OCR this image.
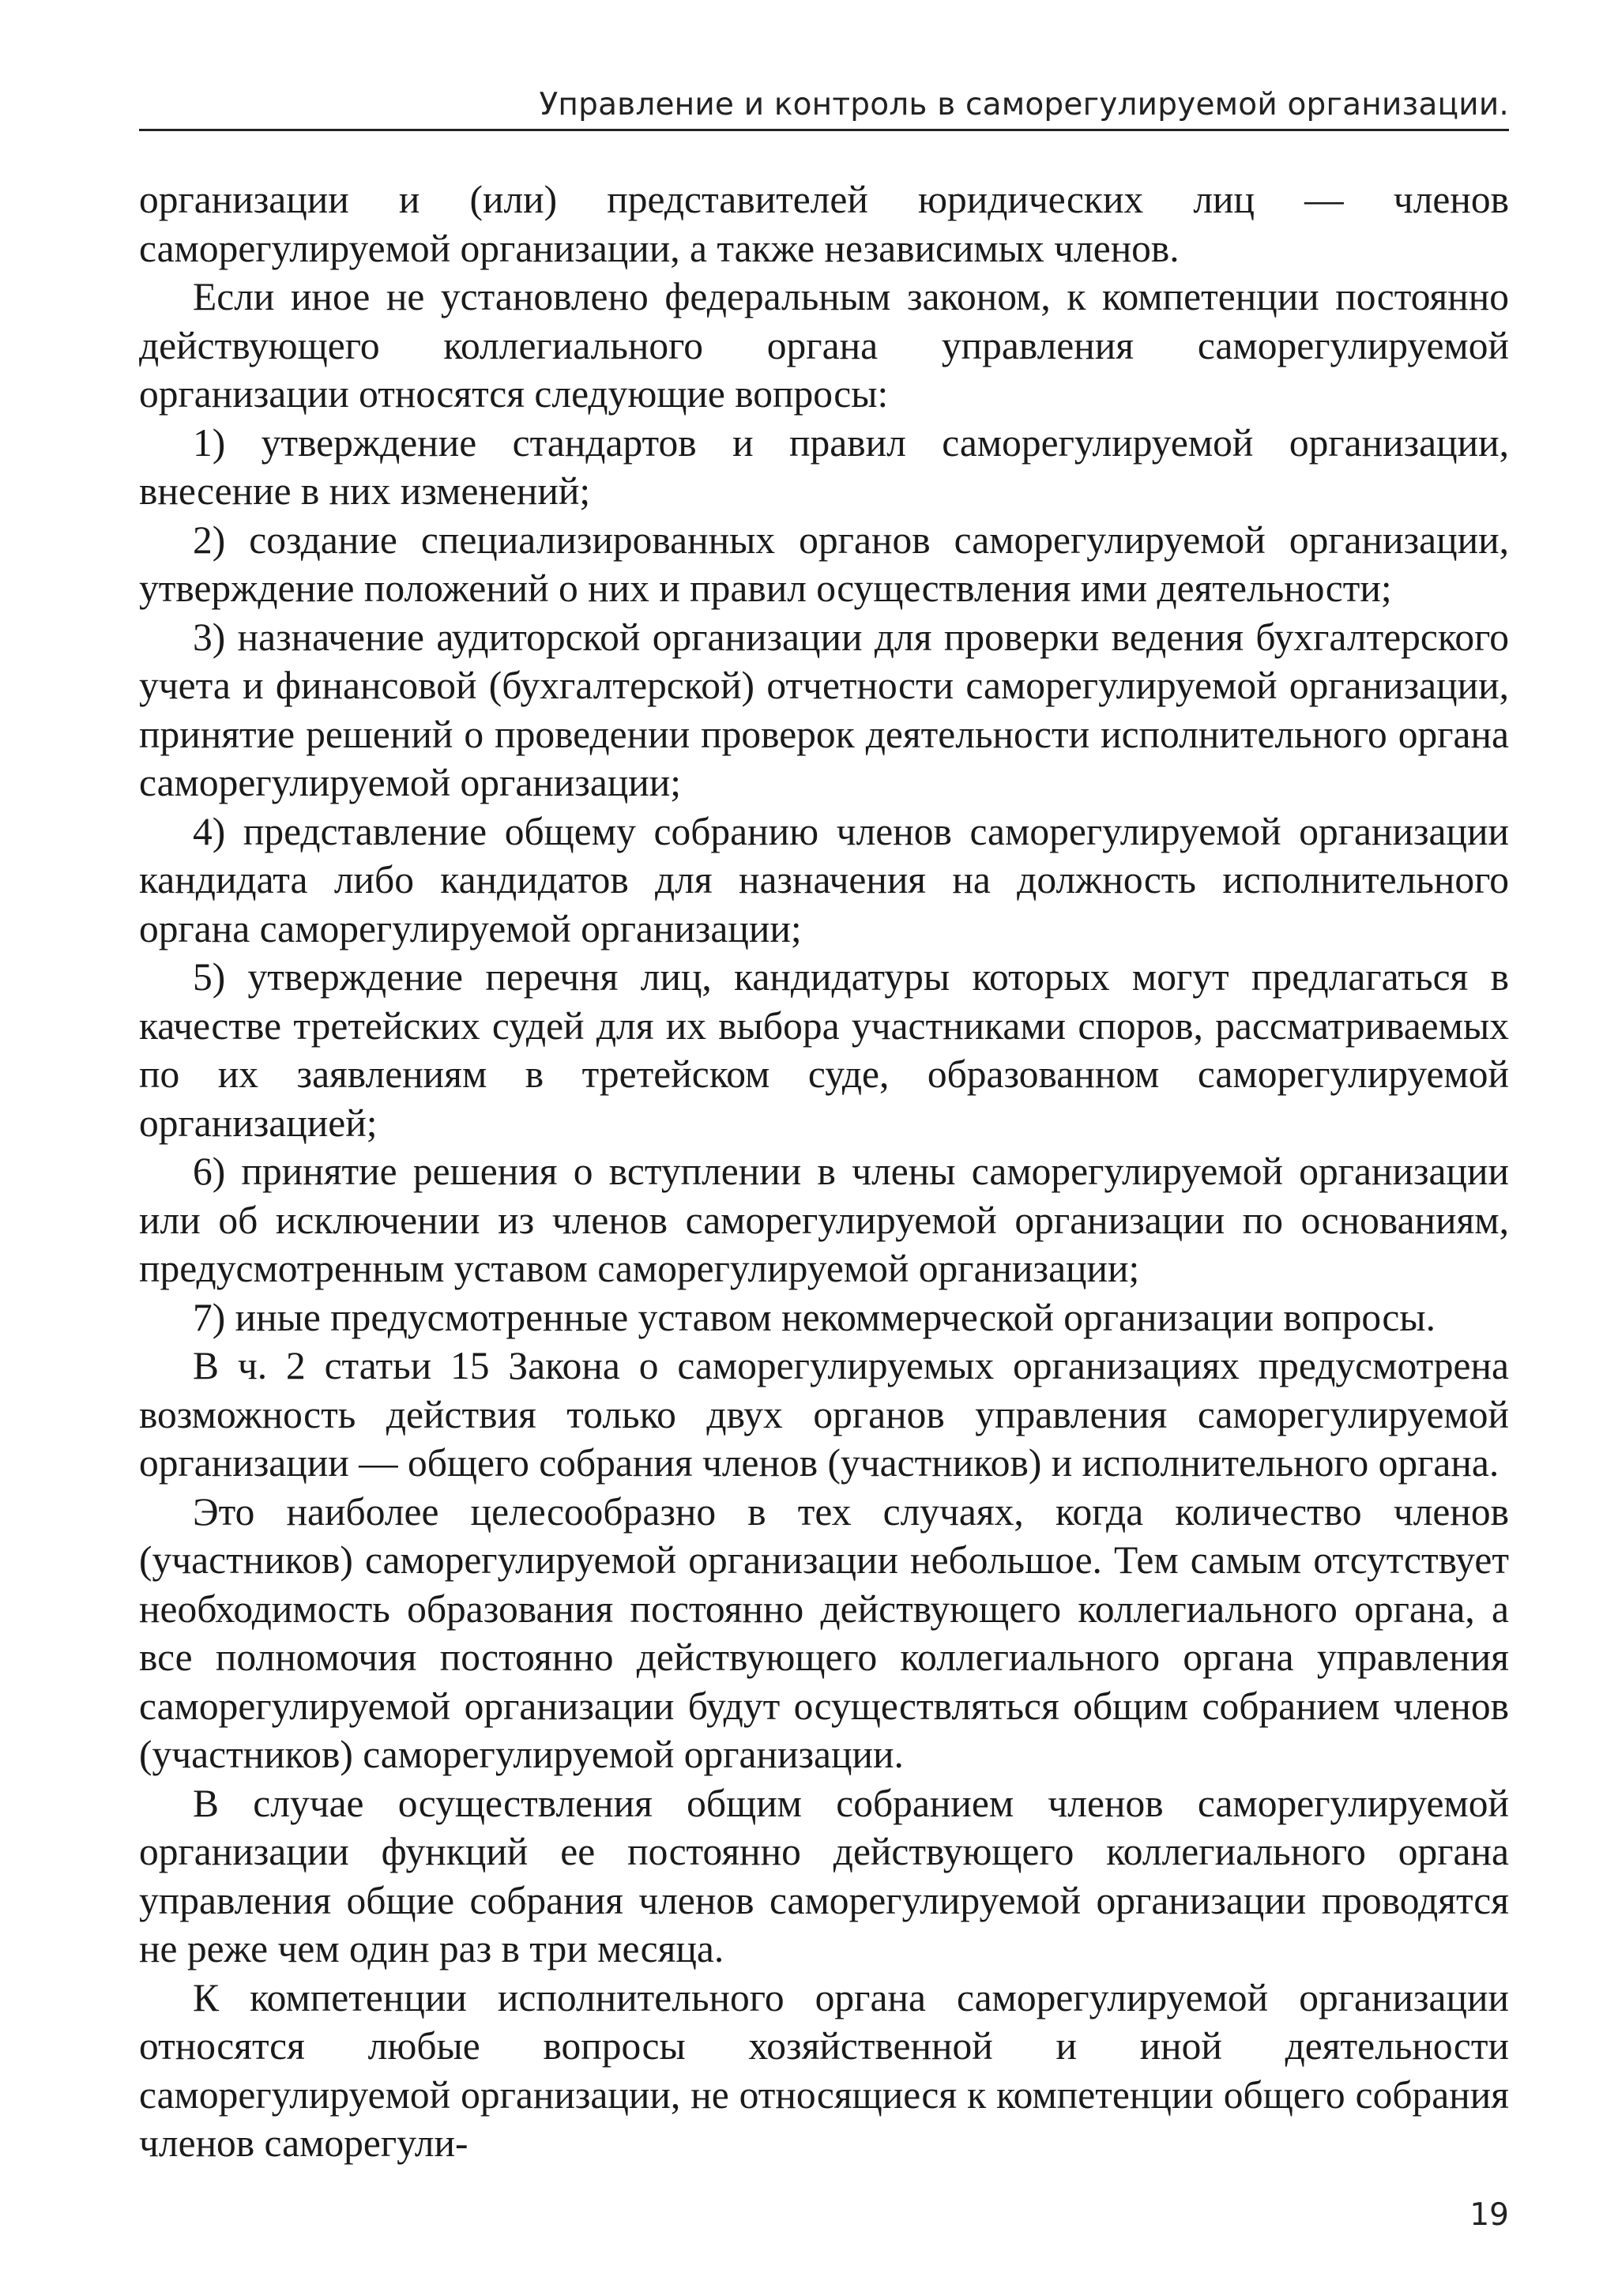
Управление и контроль в саморегулируемой организации.

организации и (или) представителей юридических лиц — членов саморегулируемой организации, а также независимых членов.

Если иное не установлено федеральным законом, к компетенции постоянно действующего коллегиального органа управления саморегулируемой организации относятся следующие вопросы:

1) утверждение стандартов и правил саморегулируемой организации, внесение в них изменений;

2) создание специализированных органов саморегулируемой организации, утверждение положений о них и правил осуществления ими деятельности;

3) назначение аудиторской организации для проверки ведения бухгалтерского учета и финансовой (бухгалтерской) отчетности саморегулируемой организации, принятие решений о проведении проверок деятельности исполнительного органа саморегулируемой организации;

4) представление общему собранию членов саморегулируемой организации кандидата либо кандидатов для назначения на должность исполнительного органа саморегулируемой организации;

5) утверждение перечня лиц, кандидатуры которых могут предлагаться в качестве третейских судей для их выбора участниками споров, рассматриваемых по их заявлениям в третейском суде, образованном саморегулируемой организацией;

6) принятие решения о вступлении в члены саморегулируемой организации или об исключении из членов саморегулируемой организации по основаниям, предусмотренным уставом саморегулируемой организации;

7) иные предусмотренные уставом некоммерческой организации вопросы.

В ч. 2 статьи 15 Закона о саморегулируемых организациях предусмотрена возможность действия только двух органов управления саморегулируемой организации — общего собрания членов (участников) и исполнительного органа.

Это наиболее целесообразно в тех случаях, когда количество членов (участников) саморегулируемой организации небольшое. Тем самым отсутствует необходимость образования постоянно действующего коллегиального органа, а все полномочия постоянно действующего коллегиального органа управления саморегулируемой организации будут осуществляться общим собранием членов (участников) саморегулируемой организации.

В случае осуществления общим собранием членов саморегулируемой организации функций ее постоянно действующего коллегиального органа управления общие собрания членов саморегулируемой организации проводятся не реже чем один раз в три месяца.

К компетенции исполнительного органа саморегулируемой организации относятся любые вопросы хозяйственной и иной деятельности саморегулируемой организации, не относящиеся к компетенции общего собрания членов саморегули-

19
